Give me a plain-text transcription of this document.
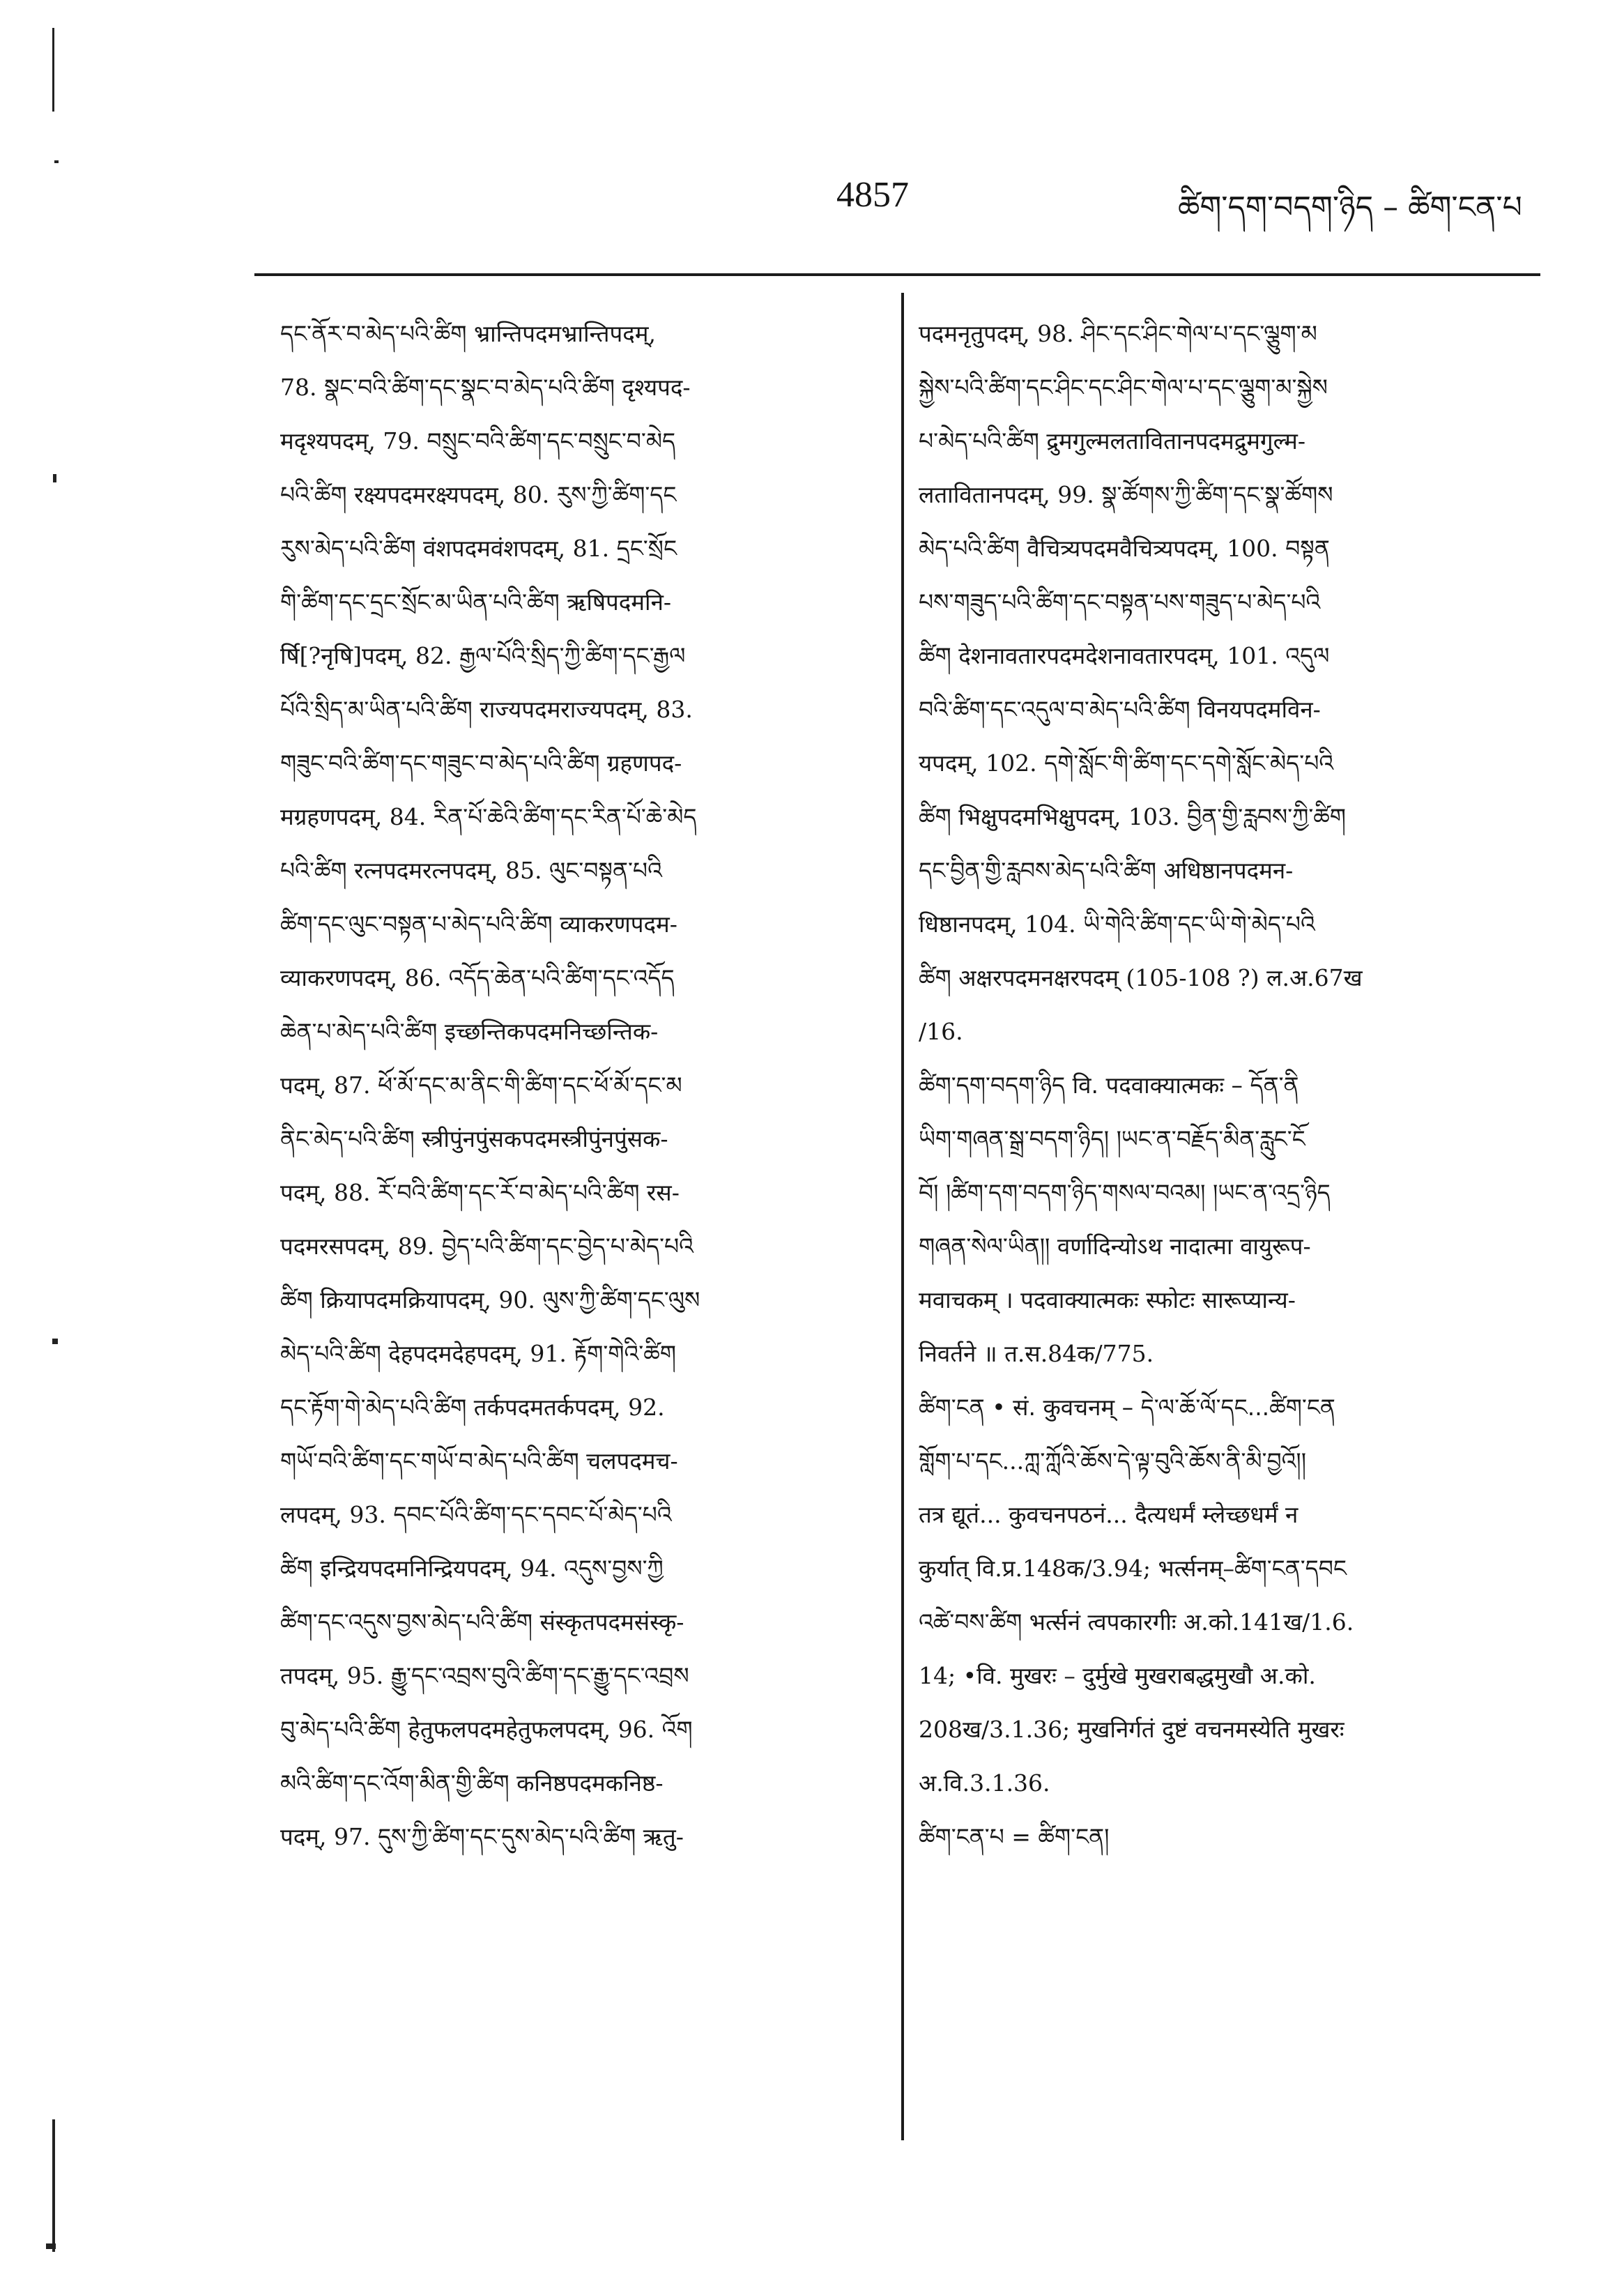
4857	ཚིག་དག་བདག་ཉིད – ཚིག་ངན་པ
དང་ནོར་བ་མེད་པའི་ཚིག भ्रान्तिपदमभ्रान्तिपदम्,
78. སྣང་བའི་ཚིག་དང་སྣང་བ་མེད་པའི་ཚིག दृश्यपद-
मदृश्यपदम्, 79. བསྲུང་བའི་ཚིག་དང་བསྲུང་བ་མེད
པའི་ཚིག रक्ष्यपदमरक्ष्यपदम्, 80. རུས་ཀྱི་ཚིག་དང
རུས་མེད་པའི་ཚིག वंशपदमवंशपदम्, 81. དྲང་སྲོང
གི་ཚིག་དང་དྲང་སྲོང་མ་ཡིན་པའི་ཚིག ऋषिपदमनि-
र्षि[?नृषि]पदम्, 82. རྒྱལ་པོའི་སྲིད་ཀྱི་ཚིག་དང་རྒྱལ
པོའི་སྲིད་མ་ཡིན་པའི་ཚིག राज्यपदमराज्यपदम्, 83.
གཟུང་བའི་ཚིག་དང་གཟུང་བ་མེད་པའི་ཚིག ग्रहणपद-
मग्रहणपदम्, 84. རིན་པོ་ཆེའི་ཚིག་དང་རིན་པོ་ཆེ་མེད
པའི་ཚིག रत्नपदमरत्नपदम्, 85. ལུང་བསྟན་པའི
ཚིག་དང་ལུང་བསྟན་པ་མེད་པའི་ཚིག व्याकरणपदम-
व्याकरणपदम्, 86. འདོད་ཆེན་པའི་ཚིག་དང་འདོད
ཆེན་པ་མེད་པའི་ཚིག इच्छन्तिकपदमनिच्छन्तिक-
पदम्, 87. ཕོ་མོ་དང་མ་ནིང་གི་ཚིག་དང་ཕོ་མོ་དང་མ
ནིང་མེད་པའི་ཚིག स्त्रीपुंनपुंसकपदमस्त्रीपुंनपुंसक-
पदम्, 88. རོ་བའི་ཚིག་དང་རོ་བ་མེད་པའི་ཚིག रस-
पदमरसपदम्, 89. བྱེད་པའི་ཚིག་དང་བྱེད་པ་མེད་པའི
ཚིག क्रियापदमक्रियापदम्, 90. ལུས་ཀྱི་ཚིག་དང་ལུས
མེད་པའི་ཚིག देहपदमदेहपदम्, 91. རྟོག་གེའི་ཚིག
དང་རྟོག་གེ་མེད་པའི་ཚིག तर्कपदमतर्कपदम्, 92.
གཡོ་བའི་ཚིག་དང་གཡོ་བ་མེད་པའི་ཚིག चलपदमच-
लपदम्, 93. དབང་པོའི་ཚིག་དང་དབང་པོ་མེད་པའི
ཚིག इन्द्रियपदमनिन्द्रियपदम्, 94. འདུས་བྱས་ཀྱི
ཚིག་དང་འདུས་བྱས་མེད་པའི་ཚིག संस्कृतपदमसंस्कृ-
तपदम्, 95. རྒྱུ་དང་འབྲས་བུའི་ཚིག་དང་རྒྱུ་དང་འབྲས
བུ་མེད་པའི་ཚིག हेतुफलपदमहेतुफलपदम्, 96. འོག
མའི་ཚིག་དང་འོག་མིན་གྱི་ཚིག कनिष्ठपदमकनिष्ठ-
पदम्, 97. དུས་ཀྱི་ཚིག་དང་དུས་མེད་པའི་ཚིག ऋतु-
पदमनृतुपदम्, 98. ཤིང་དང་ཤིང་གེལ་པ་དང་ལྕུག་མ
སྐྱེས་པའི་ཚིག་དང་ཤིང་དང་ཤིང་གེལ་པ་དང་ལྕུག་མ་སྐྱེས
པ་མེད་པའི་ཚིག द्रुमगुल्मलतावितानपदमद्रुमगुल्म-
लतावितानपदम्, 99. སྣ་ཚོགས་ཀྱི་ཚིག་དང་སྣ་ཚོགས
མེད་པའི་ཚིག वैचित्र्यपदमवैचित्र्यपदम्, 100. བསྟན
པས་གཟུད་པའི་ཚིག་དང་བསྟན་པས་གཟུད་པ་མེད་པའི
ཚིག देशनावतारपदमदेशनावतारपदम्, 101. འདུལ
བའི་ཚིག་དང་འདུལ་བ་མེད་པའི་ཚིག विनयपदमविन-
यपदम्, 102. དགེ་སློང་གི་ཚིག་དང་དགེ་སློང་མེད་པའི
ཚིག भिक्षुपदमभिक्षुपदम्, 103. བྱིན་གྱི་རླབས་ཀྱི་ཚིག
དང་བྱིན་གྱི་རླབས་མེད་པའི་ཚིག अधिष्ठानपदमन-
धिष्ठानपदम्, 104. ཡི་གེའི་ཚིག་དང་ཡི་གེ་མེད་པའི
ཚིག अक्षरपदमनक्षरपदम् (105-108 ?) ल.अ.67ख
/16.
ཚིག་དག་བདག་ཉིད वि. पदवाक्यात्मकः – དོན་ནི
ཡིག་གཞན་སྒྲ་བདག་ཉིད། །ཡང་ན་བརྗོད་མིན་རླུང་ངོ
བོ། །ཚིག་དག་བདག་ཉིད་གསལ་བའམ། །ཡང་ན་འདྲ་ཉིད
གཞན་སེལ་ཡིན།། वर्णादिन्योऽथ नादात्मा वायुरूप-
मवाचकम् । पदवाक्यात्मकः स्फोटः सारूप्यान्य-
निवर्तने ॥ त.स.84क/775.
ཚིག་ངན • सं. कुवचनम् – དེ་ལ་ཆོ་ལོ་དང...ཚིག་ངན
གློག་པ་དང...ཀླ་ཀློའི་ཆོས་དེ་ལྟ་བུའི་ཆོས་ནི་མི་བྱའོ།།
तत्र द्यूतं... कुवचनपठनं... दैत्यधर्मं म्लेच्छधर्मं न
कुर्यात् वि.प्र.148क/3.94; भर्त्सनम्–ཚིག་ངན་དབང
འཚེ་བས་ཚིག भर्त्सनं त्वपकारगीः अ.को.141ख/1.6.
14; •वि. मुखरः – दुर्मुखे मुखराबद्धमुखौ अ.को.
208ख/3.1.36; मुखनिर्गतं दुष्टं वचनमस्येति मुखरः
अ.वि.3.1.36.
ཚིག་ངན་པ = ཚིག་ངན།
